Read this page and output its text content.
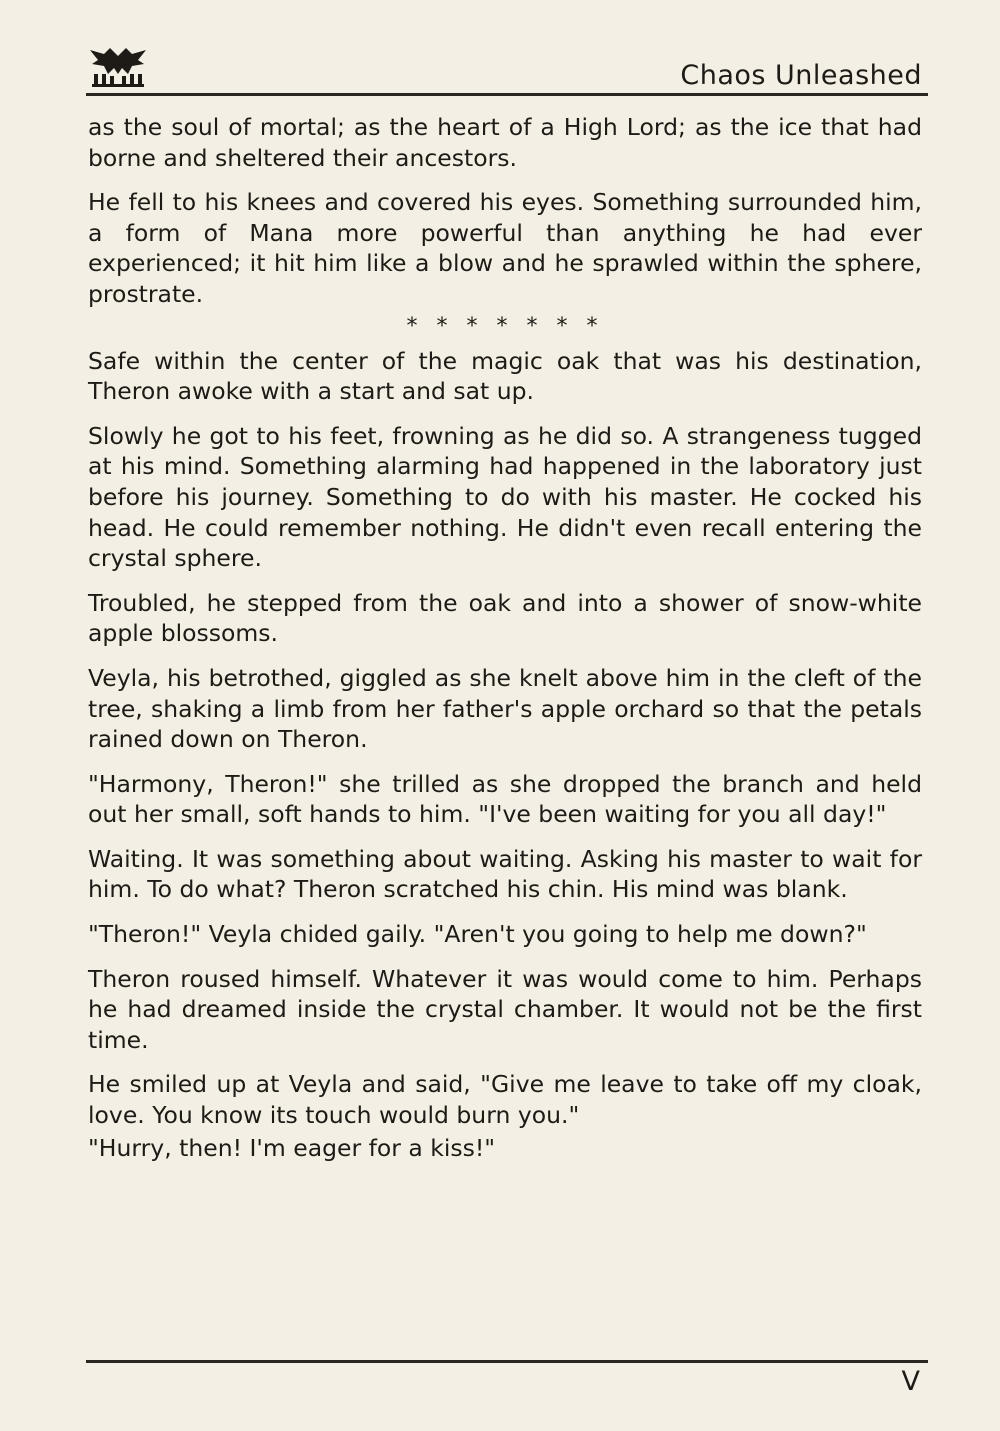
Chaos Unleashed

as the soul of mortal; as the heart of a High Lord; as the ice that had borne and sheltered their ancestors.

He fell to his knees and covered his eyes. Something surrounded him, a form of Mana more powerful than anything he had ever experienced; it hit him like a blow and he sprawled within the sphere, prostrate.

* * * * * * *

Safe within the center of the magic oak that was his destination, Theron awoke with a start and sat up.

Slowly he got to his feet, frowning as he did so. A strangeness tugged at his mind. Something alarming had happened in the laboratory just before his journey. Something to do with his master. He cocked his head. He could remember nothing. He didn't even recall entering the crystal sphere.

Troubled, he stepped from the oak and into a shower of snow-white apple blossoms.

Veyla, his betrothed, giggled as she knelt above him in the cleft of the tree, shaking a limb from her father's apple orchard so that the petals rained down on Theron.

"Harmony, Theron!" she trilled as she dropped the branch and held out her small, soft hands to him. "I've been waiting for you all day!"

Waiting. It was something about waiting. Asking his master to wait for him. To do what? Theron scratched his chin. His mind was blank.

"Theron!" Veyla chided gaily. "Aren't you going to help me down?"

Theron roused himself. Whatever it was would come to him. Perhaps he had dreamed inside the crystal chamber. It would not be the first time.

He smiled up at Veyla and said, "Give me leave to take off my cloak, love. You know its touch would burn you."

"Hurry, then! I'm eager for a kiss!"

V
